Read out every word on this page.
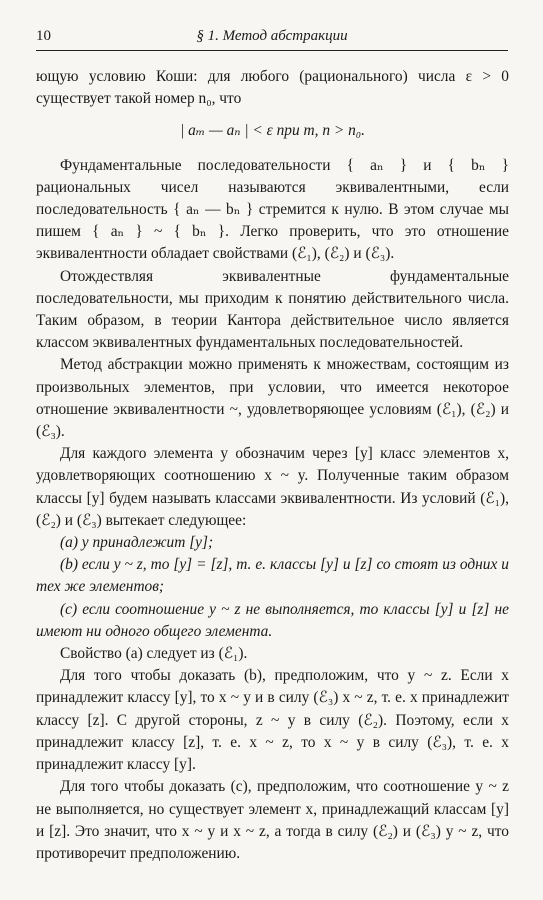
10	§ 1. Метод абстракции

ющую условию Коши: для любого (рационального) числа ε > 0 существует такой номер n₀, что

| aₘ — aₙ | < ε при m, n > n₀.

Фундаментальные последовательности { aₙ } и { bₙ } рациональных чисел называются эквивалентными, если последовательность { aₙ — bₙ } стремится к нулю. В этом случае мы пишем { aₙ } ~ { bₙ }. Легко проверить, что это отношение эквивалентности обладает свойствами (ℰ₁), (ℰ₂) и (ℰ₃).

Отождествляя эквивалентные фундаментальные последовательности, мы приходим к понятию действительного числа. Таким образом, в теории Кантора действительное число является классом эквивалентных фундаментальных последовательностей.

Метод абстракции можно применять к множествам, состоящим из произвольных элементов, при условии, что имеется некоторое отношение эквивалентности ~, удовлетворяющее условиям (ℰ₁), (ℰ₂) и (ℰ₃).

Для каждого элемента y обозначим через [y] класс элементов x, удовлетворяющих соотношению x ~ y. Полученные таким образом классы [y] будем называть классами эквивалентности. Из условий (ℰ₁), (ℰ₂) и (ℰ₃) вытекает следующее:

(a) y принадлежит [y];

(b) если y ~ z, то [y] = [z], т. е. классы [y] и [z] со стоят из одних и тех же элементов;

(c) если соотношение y ~ z не выполняется, то классы [y] и [z] не имеют ни одного общего элемента.

Свойство (a) следует из (ℰ₁).

Для того чтобы доказать (b), предположим, что y ~ z. Если x принадлежит классу [y], то x ~ y и в силу (ℰ₃) x ~ z, т. е. x принадлежит классу [z]. С другой стороны, z ~ y в силу (ℰ₂). Поэтому, если x принадлежит классу [z], т. е. x ~ z, то x ~ y в силу (ℰ₃), т. е. x принадлежит классу [y].

Для того чтобы доказать (c), предположим, что соотношение y ~ z не выполняется, но существует элемент x, принадлежащий классам [y] и [z]. Это значит, что x ~ y и x ~ z, а тогда в силу (ℰ₂) и (ℰ₃) y ~ z, что противоречит предположению.
